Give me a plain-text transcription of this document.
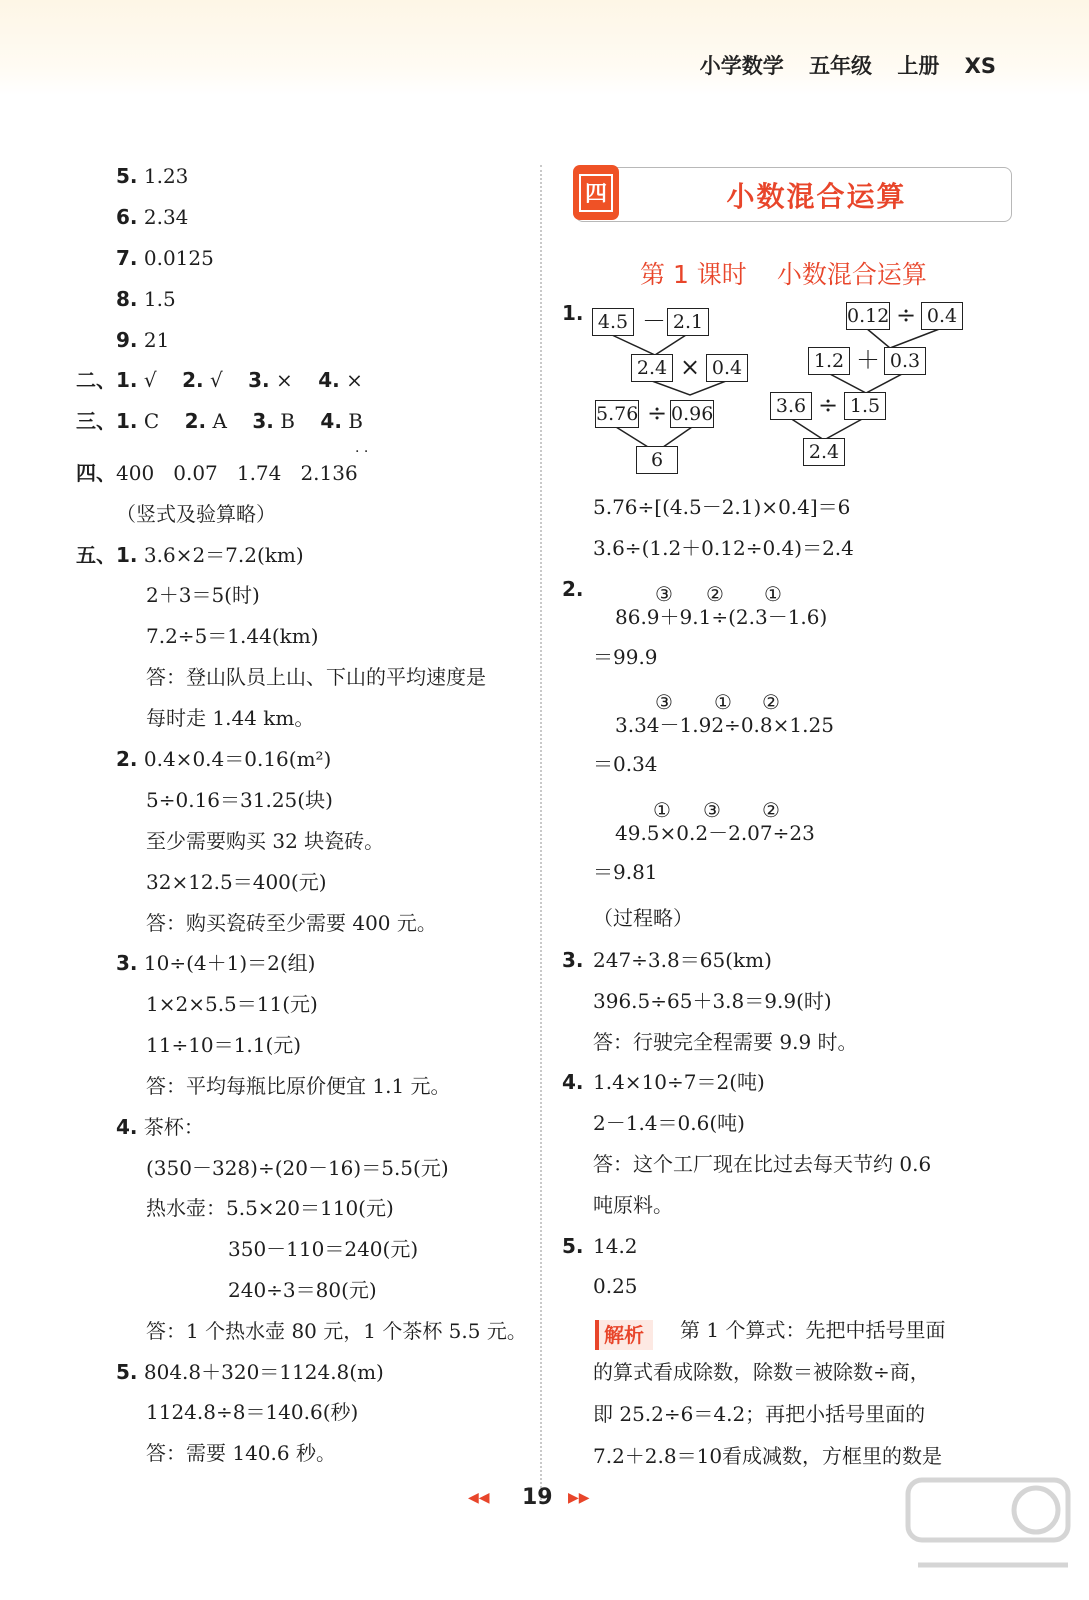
小学数学 五年级 上册 XS
5. 1.23
6. 2.34
7. 0.0125
8. 1.5
9. 21
二、1. √ 2. √ 3. × 4. ×
三、1. C 2. A 3. B 4. B
· ·
四、400   0.07   1.74   2.136
（竖式及验算略）
五、1. 3.6×2＝7.2(km)
2＋3＝5(时)
7.2÷5＝1.44(km)
答：登山队员上山、下山的平均速度是
每时走 1.44 km。
2. 0.4×0.4＝0.16(m²)
5÷0.16＝31.25(块)
至少需要购买 32 块瓷砖。
32×12.5＝400(元)
答：购买瓷砖至少需要 400 元。
3. 10÷(4＋1)＝2(组)
1×2×5.5＝11(元)
11÷10＝1.1(元)
答：平均每瓶比原价便宜 1.1 元。
4. 茶杯：
(350－328)÷(20－16)＝5.5(元)
热水壶：5.5×20＝110(元)
350－110＝240(元)
240÷3＝80(元)
答：1 个热水壶 80 元，1 个茶杯 5.5 元。
5. 804.8＋320＝1124.8(m)
1124.8÷8＝140.6(秒)
答：需要 140.6 秒。
四	小数混合运算
第 1 课时 小数混合运算
1. 4.5 － 2.1
2.4 × 0.4
5.76 ÷ 0.96
6
0.12 ÷ 0.4
1.2 ＋ 0.3
3.6 ÷ 1.5
2.4
5.76÷[(4.5－2.1)×0.4]＝6
3.6÷(1.2＋0.12÷0.4)＝2.4
2.	③ ② ①
86.9＋9.1÷(2.3－1.6)
＝99.9
③ ① ②
3.34－1.92÷0.8×1.25
＝0.34
① ③ ②
49.5×0.2－2.07÷23
＝9.81
（过程略）
3. 247÷3.8＝65(km)
396.5÷65＋3.8＝9.9(时)
答：行驶完全程需要 9.9 时。
4. 1.4×10÷7＝2(吨)
2－1.4＝0.6(吨)
答：这个工厂现在比过去每天节约 0.6
吨原料。
5. 14.2
0.25
解析	第 1 个算式：先把中括号里面
的算式看成除数，除数＝被除数÷商，
即 25.2÷6＝4.2；再把小括号里面的
7.2＋2.8＝10看成减数，方框里的数是
◀◀ 19 ▶▶
